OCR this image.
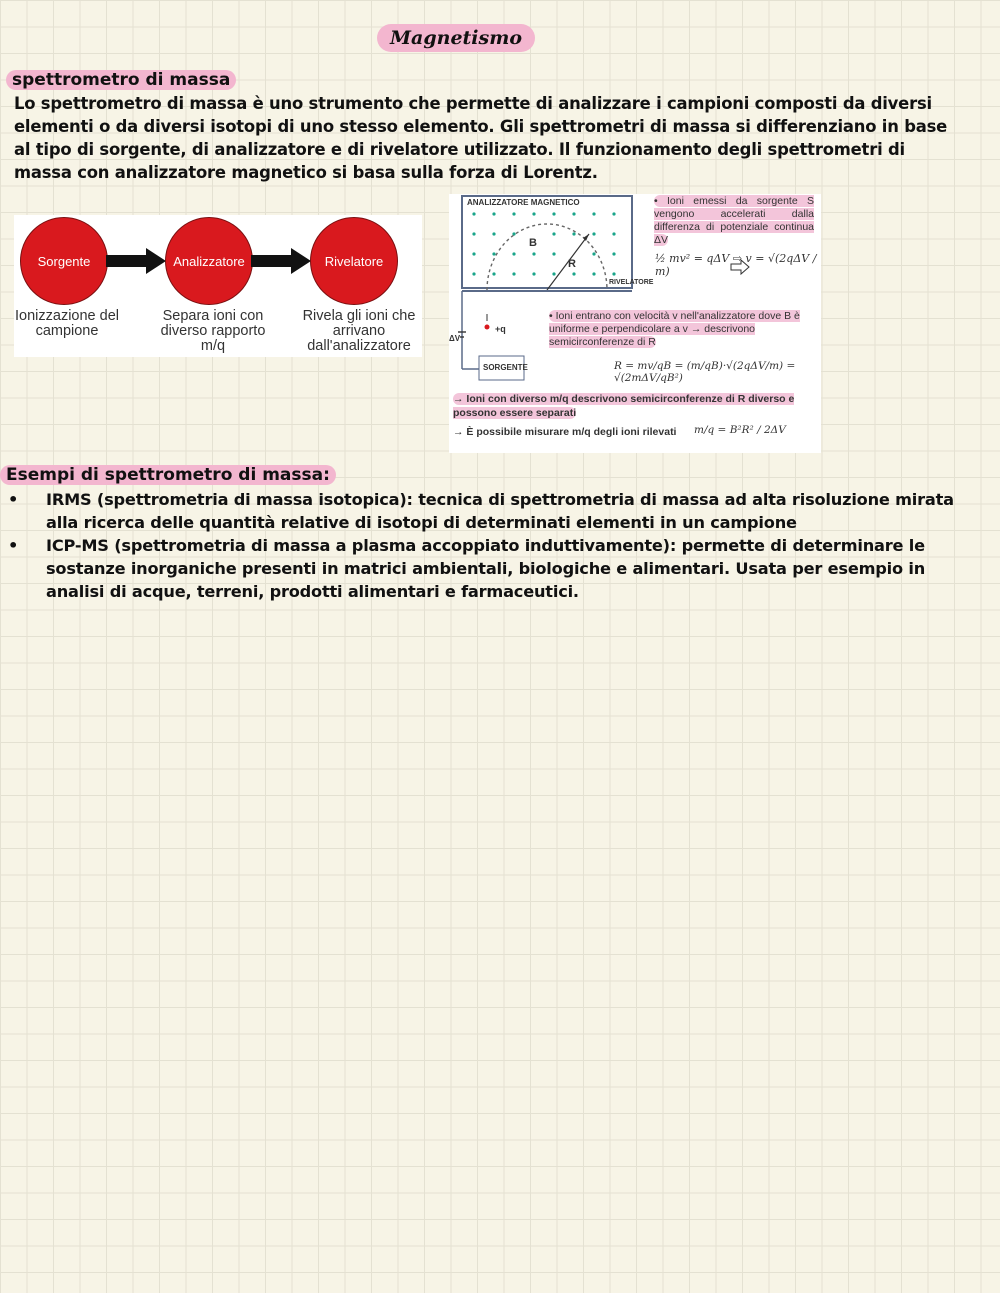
Magnetismo
spettrometro di massa
Lo spettrometro di massa è uno strumento che permette di analizzare i campioni composti da diversi elementi o da diversi isotopi di uno stesso elemento. Gli spettrometri di massa si differenziano in base al tipo di sorgente, di analizzatore e di rivelatore utilizzato. Il funzionamento degli spettrometri di massa con analizzatore magnetico si basa sulla forza di Lorentz.
Sorgente	Analizzatore	Rivelatore
Ionizzazione del campione
Separa ioni con diverso rapporto m/q
Rivela gli ioni che arrivano dall'analizzatore
ANALIZZATORE MAGNETICO
B
R
RIVELATORE
ΔV
+q
SORGENTE
• Ioni emessi da sorgente S vengono accelerati dalla differenza di potenziale continua ΔV
½ mv² = qΔV ⇨ v = √(2qΔV / m)
• Ioni entrano con velocità v nell'analizzatore dove B è uniforme e perpendicolare a v → descrivono semicirconferenze di R
R = mv/qB = (m/qB)·√(2qΔV/m) = √(2mΔV/qB²)
→ Ioni con diverso m/q descrivono semicirconferenze di R diverso e possono essere separati
→ È possibile misurare m/q degli ioni rilevati m/q = B²R² / 2ΔV
Esempi di spettrometro di massa:
• IRMS (spettrometria di massa isotopica): tecnica di spettrometria di massa ad alta risoluzione mirata alla ricerca delle quantità relative di isotopi di determinati elementi in un campione
• ICP-MS (spettrometria di massa a plasma accoppiato induttivamente): permette di determinare le sostanze inorganiche presenti in matrici ambientali, biologiche e alimentari. Usata per esempio in analisi di acque, terreni, prodotti alimentari e farmaceutici.
